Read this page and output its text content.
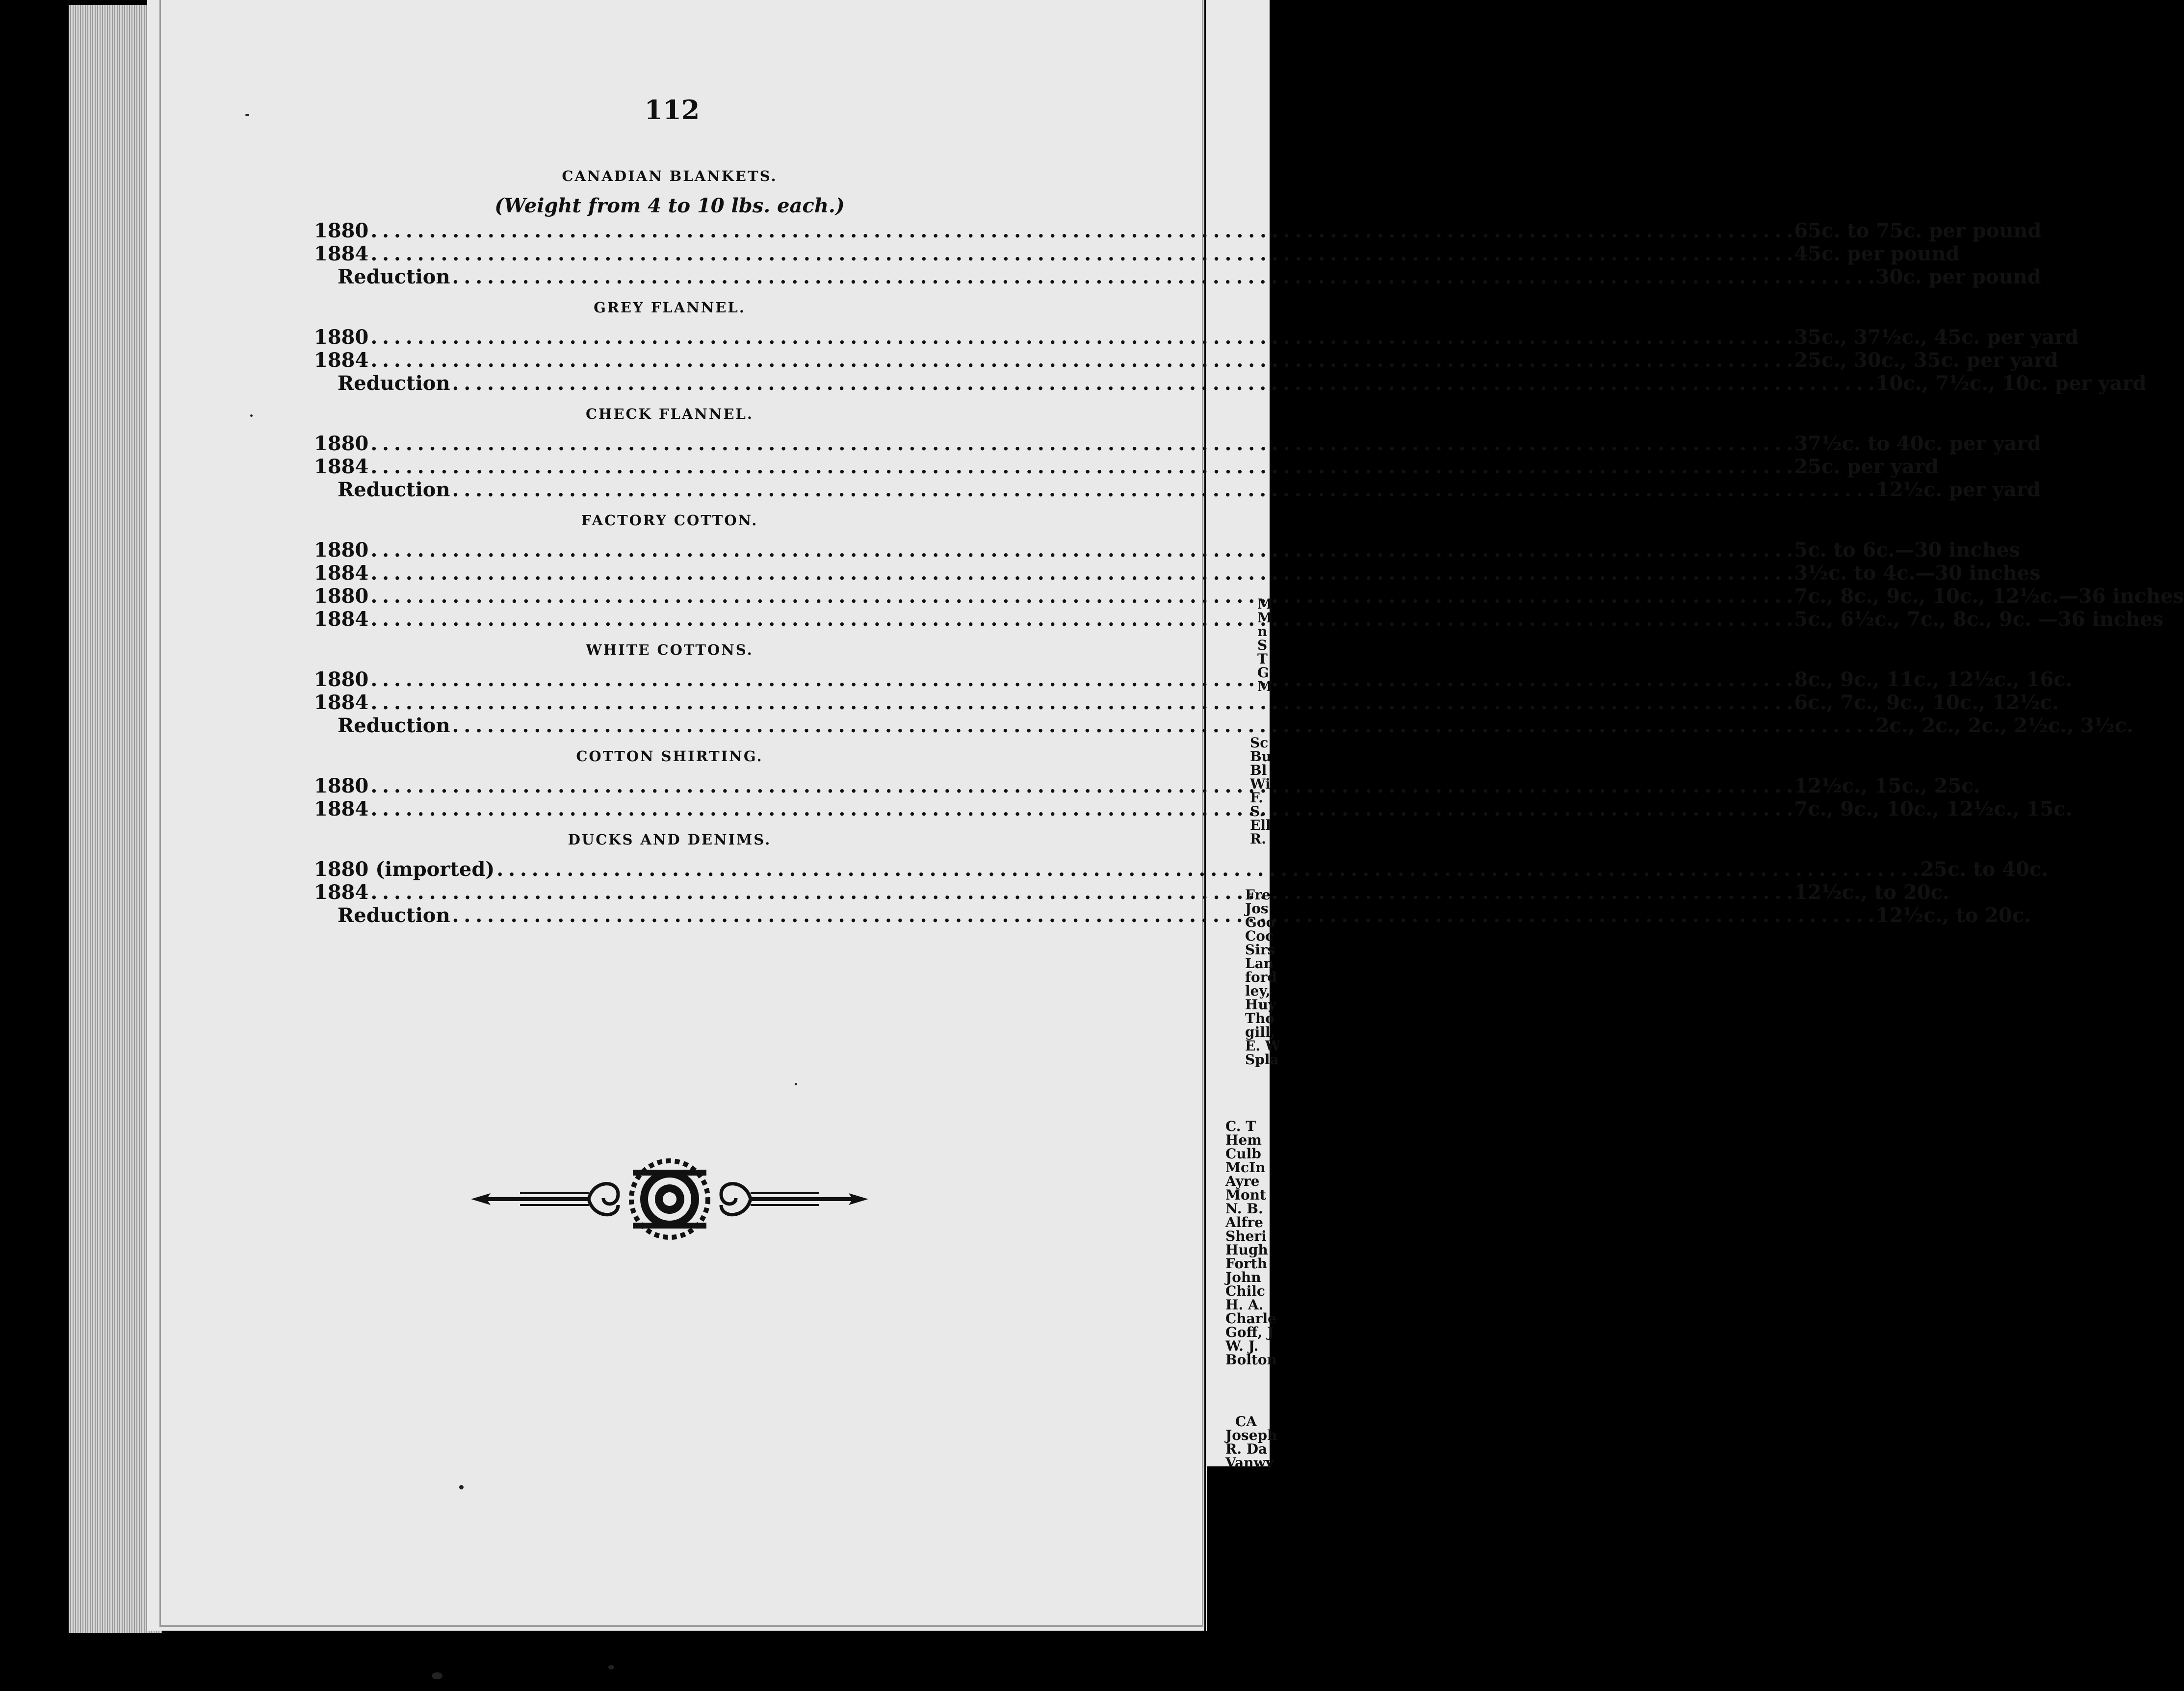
M
M
n
S
T
G
M
Sc
Bu
Bl
Wi
F.
S.
Ell
R.
Fre
Jos
Goo
Coc
Sirs
Lan
ford
ley,
Huy
Tho
gill,
E. W
Spla
C. T
Hem
Culb
McIn
Ayre
Mont
N. B.
Alfre
Sheri
Hugh
Forth
John
Chilc
H. A.
Charle
Goff, J
W. J.
Bolton
CA
Joseph
R. Da
Vanwy
112
CANADIAN BLANKETS.
(Weight from 4 to 10 lbs. each.)
1880 . . .	65c. to 75c. per pound
1884 . . .	45c. per pound
Reduction . . .	30c. per pound
GREY FLANNEL.
1880 . . .	35c., 37½c., 45c. per yard
1884 . . .	25c., 30c., 35c. per yard
Reduction . . .	10c., 7½c., 10c. per yard
CHECK FLANNEL.
1880 . . .	37½c. to 40c. per yard
1884 . . .	25c. per yard
Reduction . . .	12½c. per yard
FACTORY COTTON.
1880 . . .	5c. to 6c.—30 inches
1884 . . .	3½c. to 4c.—30 inches
1880 . . .	7c., 8c., 9c., 10c., 12½c.—36 inches
1884 . . .	5c., 6½c., 7c., 8c., 9c. —36 inches
WHITE COTTONS.
1880 . . .	8c., 9c., 11c., 12½c., 16c.
1884 . . .	6c., 7c., 9c., 10c., 12½c.
Reduction . . .	2c., 2c., 2c., 2½c., 3½c.
COTTON SHIRTING.
1880 . . .	12½c., 15c., 25c.
1884 . . .	7c., 9c., 10c., 12½c., 15c.
DUCKS AND DENIMS.
1880 (imported) . . .	25c. to 40c.
1884 . . .	12½c., to 20c.
Reduction . . .	12½c., to 20c.
